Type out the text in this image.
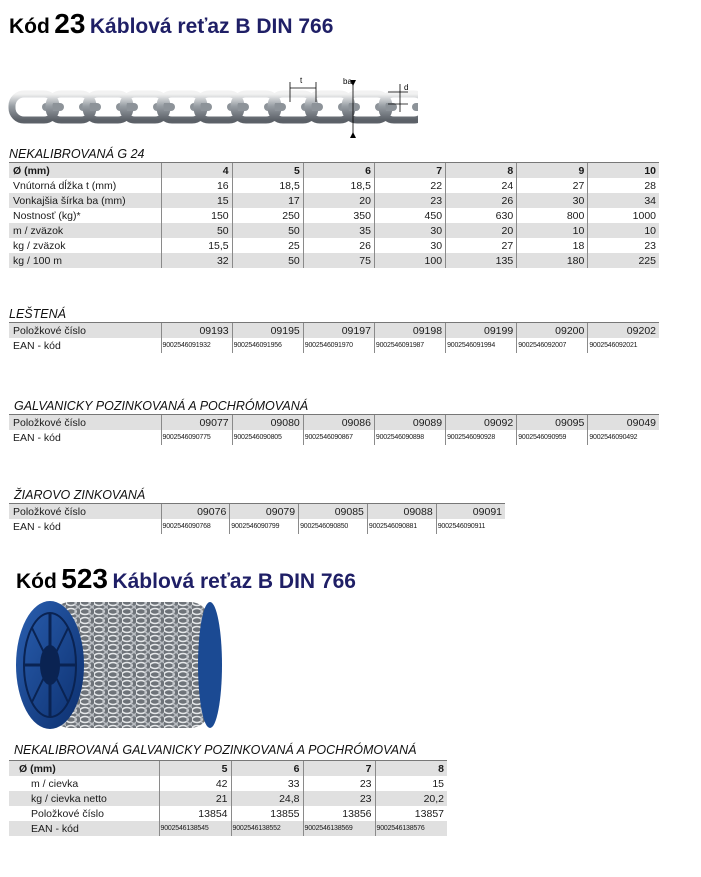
Kód 23 Káblová reťaz B DIN 766
t	ba
d
NEKALIBROVANÁ G 24
Ø (mm)	4	5	6	7	8	9	10
Vnútorná dĺžka t (mm)	16	18,5	18,5	22	24	27	28
Vonkajšia šírka ba (mm)	15	17	20	23	26	30	34
Nostnosť (kg)*	150	250	350	450	630	800	1000
m / zväzok	50	50	35	30	20	10	10
kg / zväzok	15,5	25	26	30	27	18	23
kg / 100 m	32	50	75	100	135	180	225
LEŠTENÁ
Položkové číslo	09193	09195	09197	09198	09199	09200	09202
EAN - kód	9002546091932	9002546091956	9002546091970	9002546091987	9002546091994	9002546092007	9002546092021
GALVANICKY POZINKOVANÁ A POCHRÓMOVANÁ
Položkové číslo	09077	09080	09086	09089	09092	09095	09049
EAN - kód	9002546090775	9002546090805	9002546090867	9002546090898	9002546090928	9002546090959	9002546090492
ŽIAROVO ZINKOVANÁ
Položkové číslo	09076	09079	09085	09088	09091
EAN - kód	9002546090768	9002546090799	9002546090850	9002546090881	9002546090911
Kód 523 Káblová reťaz B DIN 766
NEKALIBROVANÁ GALVANICKY POZINKOVANÁ A POCHRÓMOVANÁ
Ø (mm)	5	6	7	8
m / cievka	42	33	23	15
kg / cievka netto	21	24,8	23	20,2
Položkové číslo	13854	13855	13856	13857
EAN - kód	9002546138545	9002546138552	9002546138569	9002546138576
